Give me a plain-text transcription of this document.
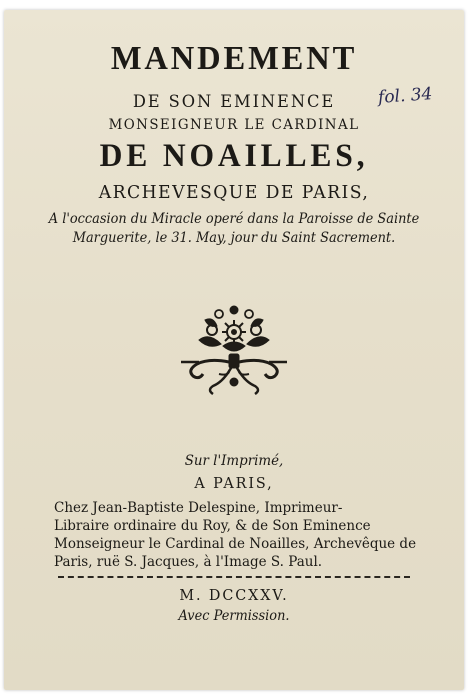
MANDEMENT
fol. 34
DE SON EMINENCE
MONSEIGNEUR LE CARDINAL
DE NOAILLES,
ARCHEVESQUE DE PARIS,
A l'occasion du Miracle operé dans la Paroisse de Sainte
Marguerite, le 31. May, jour du Saint Sacrement.
Sur l'Imprimé,
A PARIS,
Chez Jean-Baptiste Delespine, Imprimeur-
Libraire ordinaire du Roy, & de Son Eminence
Monseigneur le Cardinal de Noailles, Archevêque de
M. DCCXXV.
Avec Permission.
Paris, ruë S. Jacques, à l'Image S. Paul.
